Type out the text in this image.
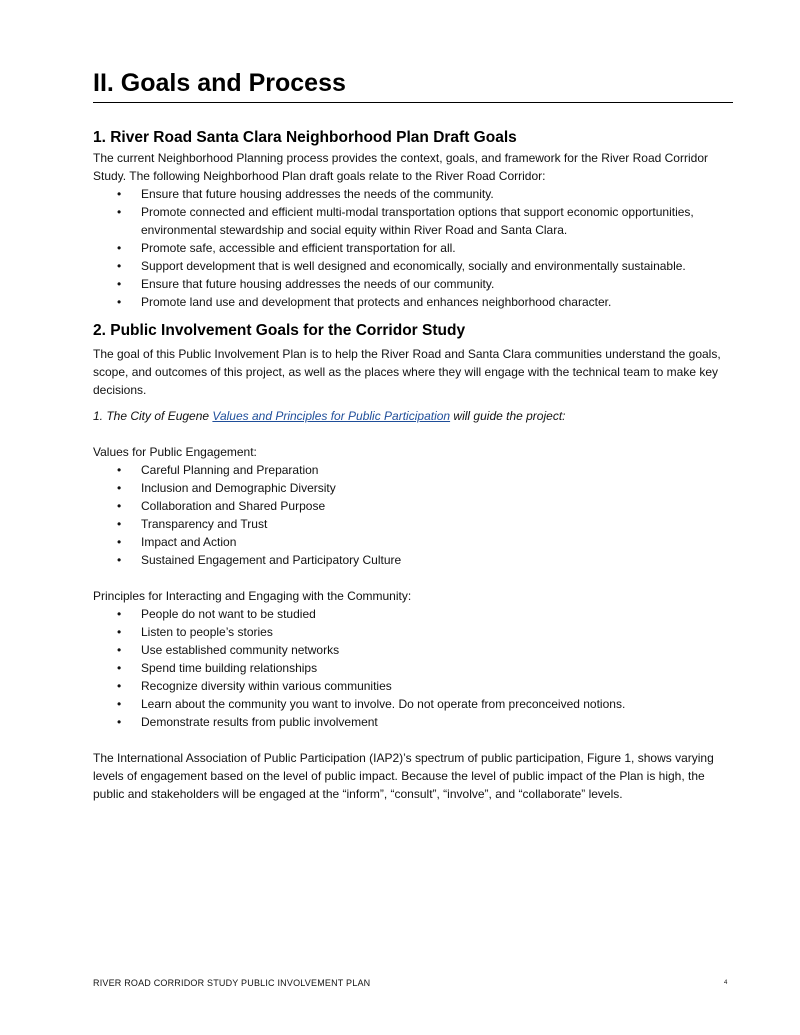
II. Goals and Process
1. River Road Santa Clara Neighborhood Plan Draft Goals

The current Neighborhood Planning process provides the context, goals, and framework for the River Road Corridor Study. The following Neighborhood Plan draft goals relate to the River Road Corridor:

• Ensure that future housing addresses the needs of the community.
• Promote connected and efficient multi-modal transportation options that support economic opportunities, environmental stewardship and social equity within River Road and Santa Clara.
• Promote safe, accessible and efficient transportation for all.
• Support development that is well designed and economically, socially and environmentally sustainable.
• Ensure that future housing addresses the needs of our community.
• Promote land use and development that protects and enhances neighborhood character.
2. Public Involvement Goals for the Corridor Study

The goal of this Public Involvement Plan is to help the River Road and Santa Clara communities understand the goals, scope, and outcomes of this project, as well as the places where they will engage with the technical team to make key decisions.

1. The City of Eugene Values and Principles for Public Participation will guide the project:

Values for Public Engagement:

• Careful Planning and Preparation
• Inclusion and Demographic Diversity
• Collaboration and Shared Purpose
• Transparency and Trust
• Impact and Action
• Sustained Engagement and Participatory Culture

Principles for Interacting and Engaging with the Community:

• People do not want to be studied
• Listen to people’s stories
• Use established community networks
• Spend time building relationships
• Recognize diversity within various communities
• Learn about the community you want to involve. Do not operate from preconceived notions.
• Demonstrate results from public involvement

The International Association of Public Participation (IAP2)’s spectrum of public participation, Figure 1, shows varying levels of engagement based on the level of public impact. Because the level of public impact of the Plan is high, the public and stakeholders will be engaged at the “inform”, “consult”, “involve”, and “collaborate” levels.

RIVER ROAD CORRIDOR STUDY PUBLIC INVOLVEMENT PLAN	4
